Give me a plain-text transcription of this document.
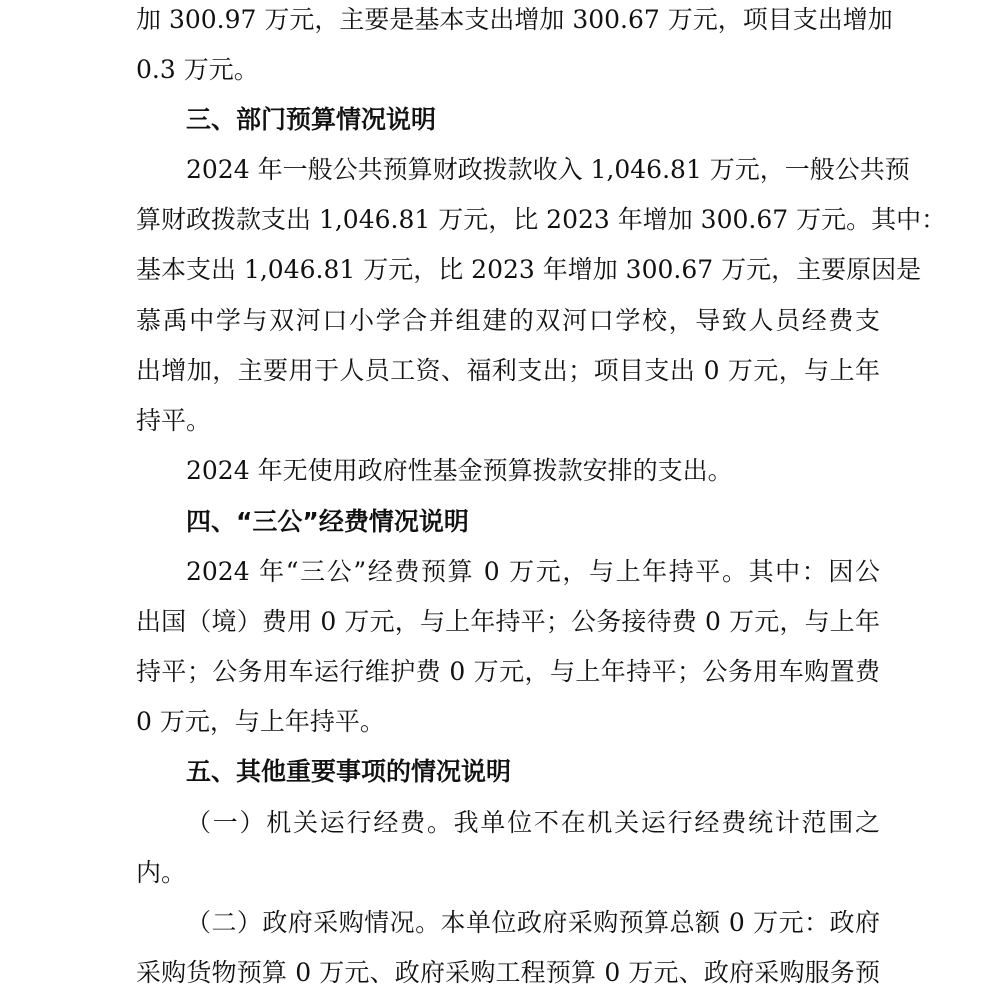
加 300.97 万元，主要是基本支出增加 300.67 万元，项目支出增加
0.3 万元。
三、部门预算情况说明
2024 年一般公共预算财政拨款收入 1,046.81 万元，一般公共预
算财政拨款支出 1,046.81 万元，比 2023 年增加 300.67 万元。其中：
基本支出 1,046.81 万元，比 2023 年增加 300.67 万元，主要原因是
慕禹中学与双河口小学合并组建的双河口学校，导致人员经费支
出增加，主要用于人员工资、福利支出；项目支出 0 万元，与上年
持平。
2024 年无使用政府性基金预算拨款安排的支出。
四、“三公”经费情况说明
2024 年“三公”经费预算 0 万元，与上年持平。其中：因公
出国（境）费用 0 万元，与上年持平；公务接待费 0 万元，与上年
持平；公务用车运行维护费 0 万元，与上年持平；公务用车购置费
0 万元，与上年持平。
五、其他重要事项的情况说明
（一）机关运行经费。我单位不在机关运行经费统计范围之
内。
（二）政府采购情况。本单位政府采购预算总额 0 万元：政府
采购货物预算 0 万元、政府采购工程预算 0 万元、政府采购服务预
